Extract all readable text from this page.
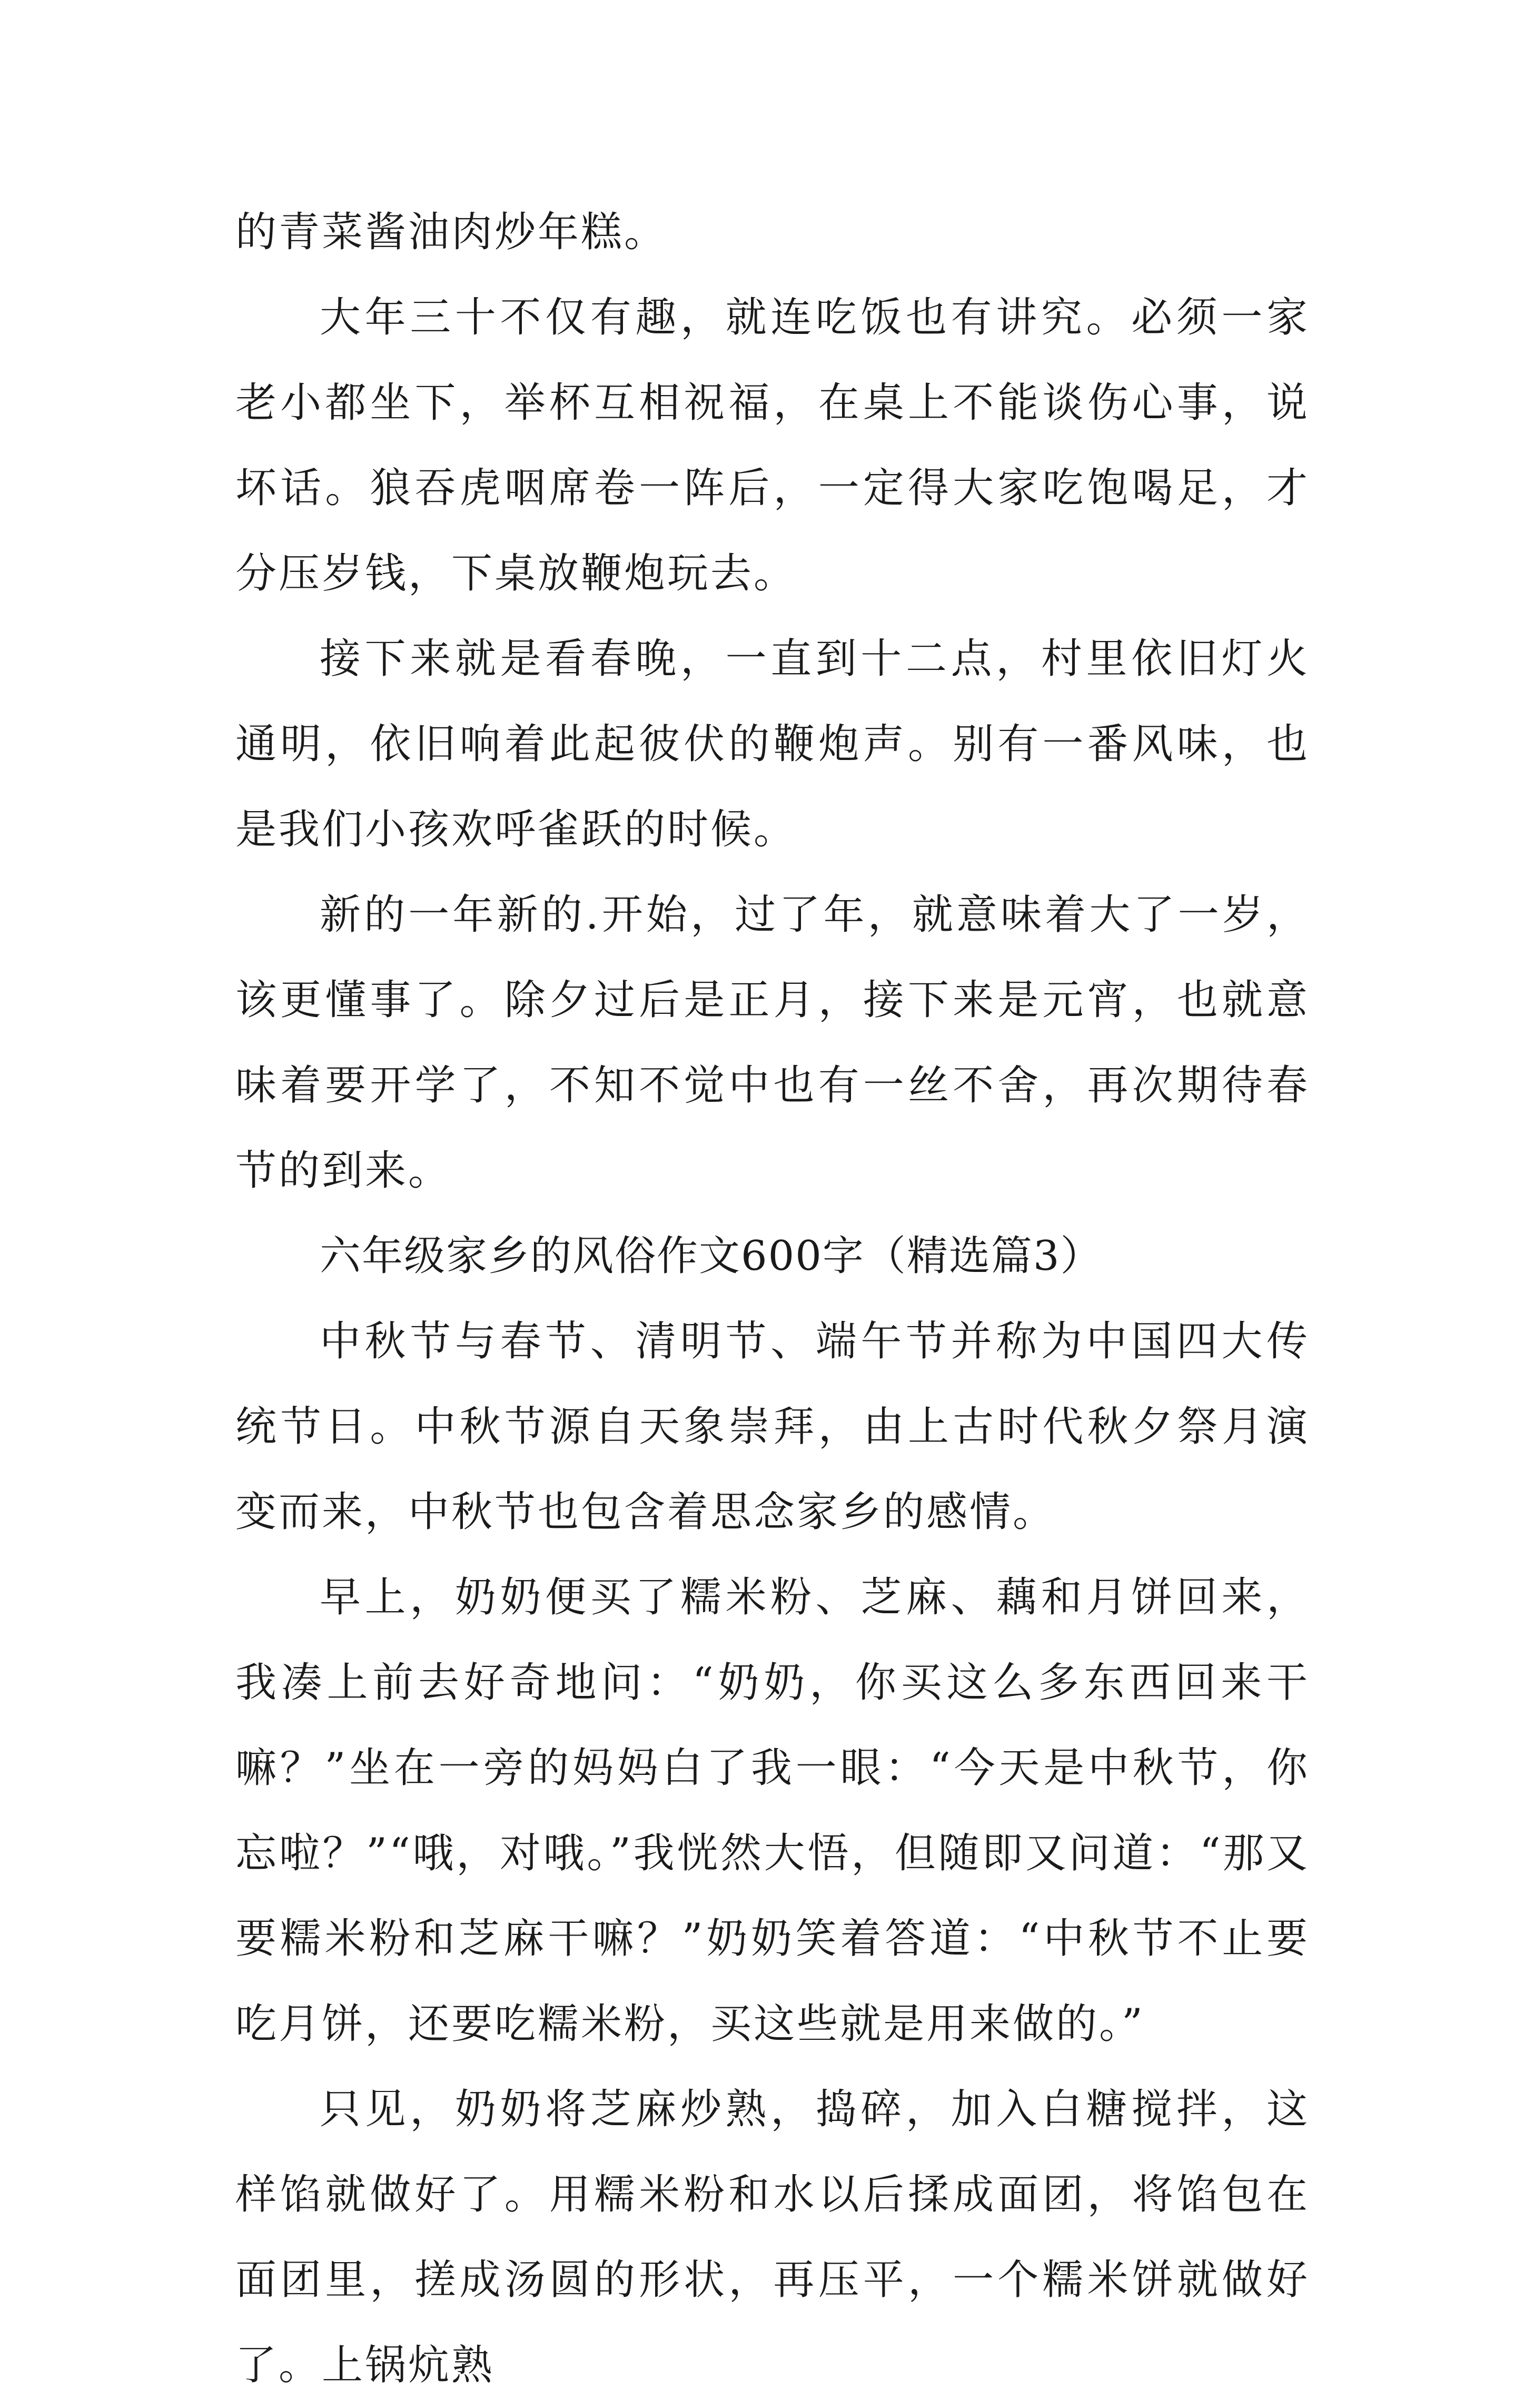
的青菜酱油肉炒年糕。

大年三十不仅有趣，就连吃饭也有讲究。必须一家老小都坐下，举杯互相祝福，在桌上不能谈伤心事，说坏话。狼吞虎咽席卷一阵后，一定得大家吃饱喝足，才分压岁钱，下桌放鞭炮玩去。

接下来就是看春晚，一直到十二点，村里依旧灯火通明，依旧响着此起彼伏的鞭炮声。别有一番风味，也是我们小孩欢呼雀跃的时候。

新的一年新的.开始，过了年，就意味着大了一岁，该更懂事了。除夕过后是正月，接下来是元宵，也就意味着要开学了，不知不觉中也有一丝不舍，再次期待春节的到来。

六年级家乡的风俗作文600字（精选篇3）

中秋节与春节、清明节、端午节并称为中国四大传统节日。中秋节源自天象崇拜，由上古时代秋夕祭月演变而来，中秋节也包含着思念家乡的感情。

早上，奶奶便买了糯米粉、芝麻、藕和月饼回来，我凑上前去好奇地问：“奶奶，你买这么多东西回来干嘛？”坐在一旁的妈妈白了我一眼：“今天是中秋节，你忘啦？”“哦，对哦。”我恍然大悟，但随即又问道：“那又要糯米粉和芝麻干嘛？”奶奶笑着答道：“中秋节不止要吃月饼，还要吃糯米粉，买这些就是用来做的。”

只见，奶奶将芝麻炒熟，捣碎，加入白糖搅拌，这样馅就做好了。用糯米粉和水以后揉成面团，将馅包在面团里，搓成汤圆的形状，再压平，一个糯米饼就做好了。上锅炕熟
